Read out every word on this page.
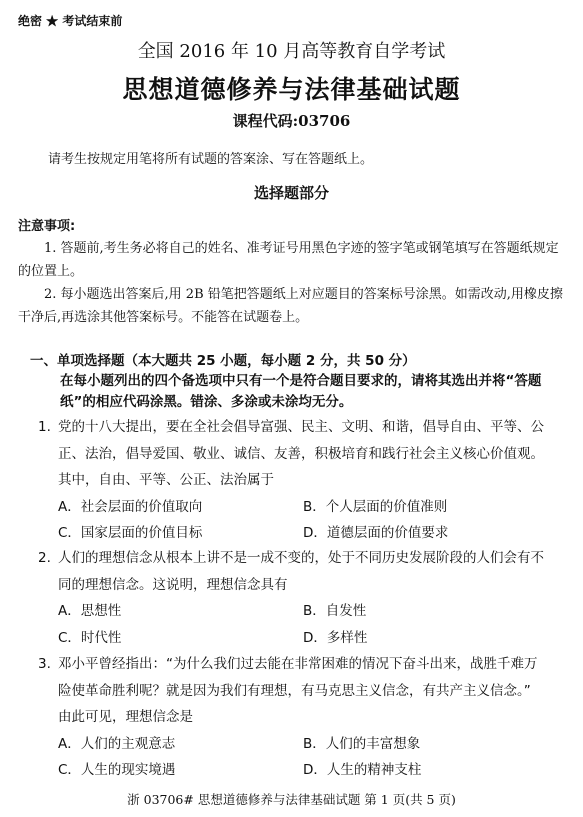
绝密 ★ 考试结束前
全国 2016 年 10 月高等教育自学考试
思想道德修养与法律基础试题
课程代码:03706
请考生按规定用笔将所有试题的答案涂、写在答题纸上。
选择题部分
注意事项:

1. 答题前,考生务必将自己的姓名、准考证号用黑色字迹的签字笔或钢笔填写在答题纸规定的位置上。

2. 每小题选出答案后,用 2B 铅笔把答题纸上对应题目的答案标号涂黑。如需改动,用橡皮擦干净后,再选涂其他答案标号。不能答在试题卷上。

一、单项选择题（本大题共 25 小题，每小题 2 分，共 50 分）
在每小题列出的四个备选项中只有一个是符合题目要求的，请将其选出并将“答题纸”的相应代码涂黑。错涂、多涂或未涂均无分。
1. 党的十八大提出，要在全社会倡导富强、民主、文明、和谐，倡导自由、平等、公
正、法治，倡导爱国、敬业、诚信、友善，积极培育和践行社会主义核心价值观。
其中，自由、平等、公正、法治属于
A．社会层面的价值取向	B．个人层面的价值准则
C．国家层面的价值目标	D．道德层面的价值要求
2. 人们的理想信念从根本上讲不是一成不变的，处于不同历史发展阶段的人们会有不
同的理想信念。这说明，理想信念具有
A．思想性	B．自发性
C．时代性	D．多样性
3. 邓小平曾经指出：“为什么我们过去能在非常困难的情况下奋斗出来，战胜千难万
险使革命胜利呢？就是因为我们有理想，有马克思主义信念，有共产主义信念。”
由此可见，理想信念是
A．人们的主观意志	B．人们的丰富想象
C．人生的现实境遇	D．人生的精神支柱
浙 03706# 思想道德修养与法律基础试题 第 1 页(共 5 页)
